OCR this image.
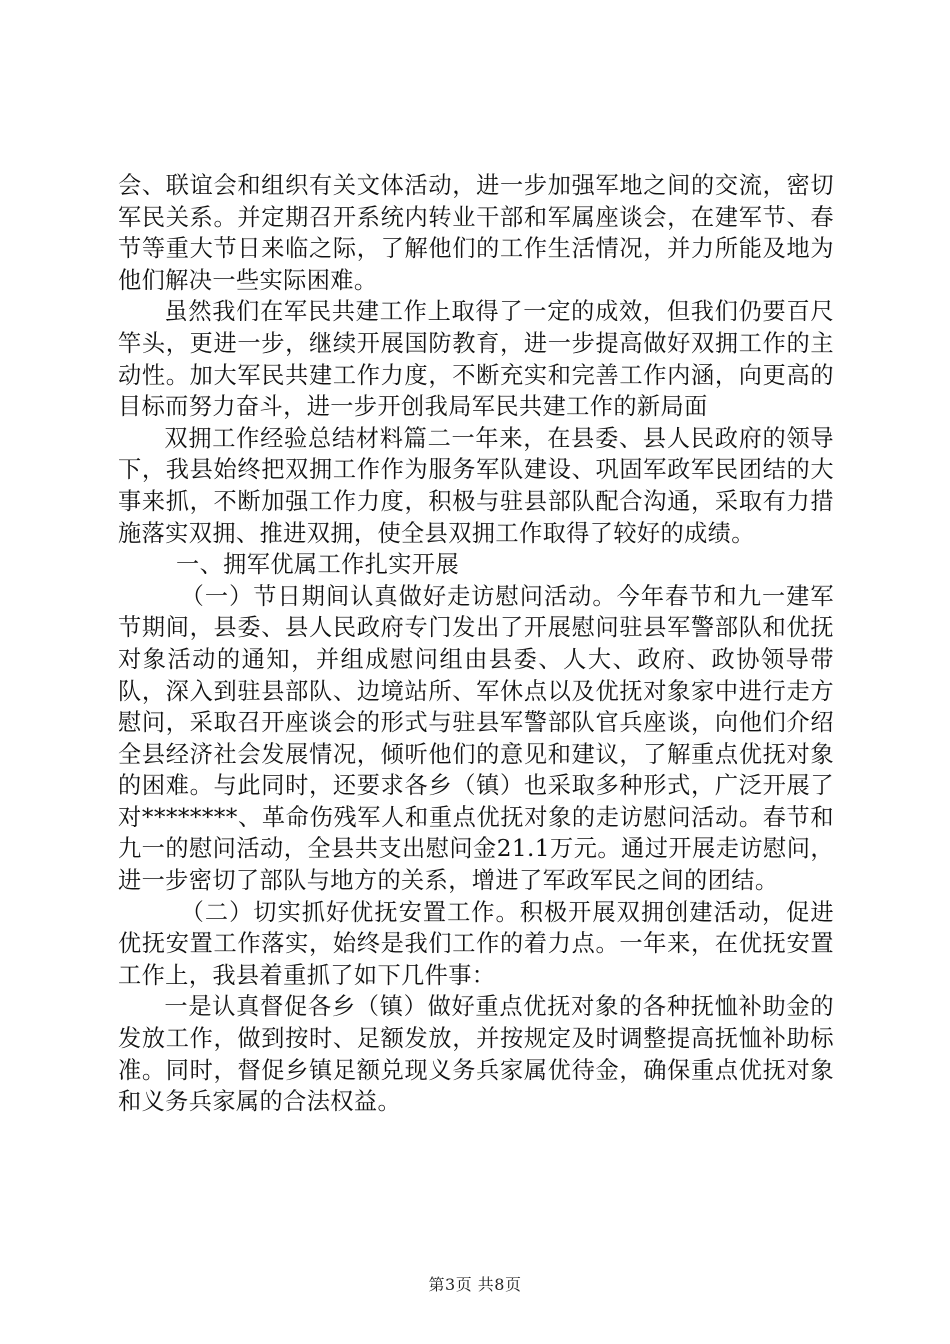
会、联谊会和组织有关文体活动，进一步加强军地之间的交流，密切军民关系。并定期召开系统内转业干部和军属座谈会，在建军节、春节等重大节日来临之际，了解他们的工作生活情况，并力所能及地为他们解决一些实际困难。

虽然我们在军民共建工作上取得了一定的成效，但我们仍要百尺竿头，更进一步，继续开展国防教育，进一步提高做好双拥工作的主动性。加大军民共建工作力度，不断充实和完善工作内涵，向更高的目标而努力奋斗，进一步开创我局军民共建工作的新局面

双拥工作经验总结材料篇二一年来，在县委、县人民政府的领导下，我县始终把双拥工作作为服务军队建设、巩固军政军民团结的大事来抓，不断加强工作力度，积极与驻县部队配合沟通，采取有力措施落实双拥、推进双拥，使全县双拥工作取得了较好的成绩。

一、拥军优属工作扎实开展

（一）节日期间认真做好走访慰问活动。今年春节和九一建军节期间，县委、县人民政府专门发出了开展慰问驻县军警部队和优抚对象活动的通知，并组成慰问组由县委、人大、政府、政协领导带队，深入到驻县部队、边境站所、军休点以及优抚对象家中进行走方慰问，采取召开座谈会的形式与驻县军警部队官兵座谈，向他们介绍全县经济社会发展情况，倾听他们的意见和建议，了解重点优抚对象的困难。与此同时，还要求各乡（镇）也采取多种形式，广泛开展了对********、革命伤残军人和重点优抚对象的走访慰问活动。春节和九一的慰问活动，全县共支出慰问金21.1万元。通过开展走访慰问，进一步密切了部队与地方的关系，增进了军政军民之间的团结。

（二）切实抓好优抚安置工作。积极开展双拥创建活动，促进优抚安置工作落实，始终是我们工作的着力点。一年来，在优抚安置工作上，我县着重抓了如下几件事：

一是认真督促各乡（镇）做好重点优抚对象的各种抚恤补助金的发放工作，做到按时、足额发放，并按规定及时调整提高抚恤补助标准。同时，督促乡镇足额兑现义务兵家属优待金，确保重点优抚对象和义务兵家属的合法权益。

第3页 共8页
